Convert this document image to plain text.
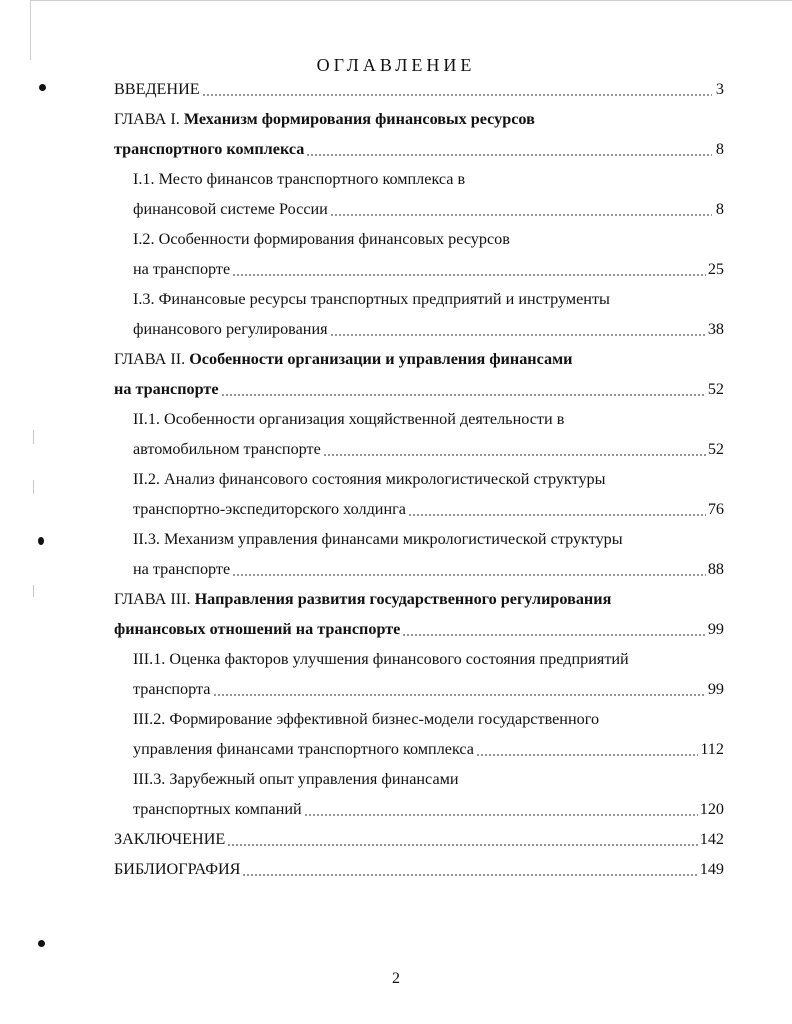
ОГЛАВЛЕНИЕ
ВВЕДЕНИЕ	3
ГЛАВА I. Механизм формирования финансовых ресурсов
транспортного комплекса	8
I.1. Место финансов транспортного комплекса в
финансовой системе России	8
I.2. Особенности формирования финансовых ресурсов
на транспорте	25
I.3. Финансовые ресурсы транспортных предприятий и инструменты
финансового регулирования	38
ГЛАВА II. Особенности организации и управления финансами
на транспорте	52
II.1. Особенности организация хощяйственной деятельности в
автомобильном транспорте	52
II.2. Анализ финансового состояния микрологистической структуры
транспортно-экспедиторского холдинга	76
II.3. Механизм управления финансами микрологистической структуры
на транспорте	88
ГЛАВА III. Направления развития государственного регулирования
финансовых отношений на транспорте	99
III.1. Оценка факторов улучшения финансового состояния предприятий
транспорта	99
III.2. Формирование эффективной бизнес-модели государственного
управления финансами транспортного комплекса	112
III.3. Зарубежный опыт управления финансами
транспортных компаний	120
ЗАКЛЮЧЕНИЕ	142
БИБЛИОГРАФИЯ	149
2
